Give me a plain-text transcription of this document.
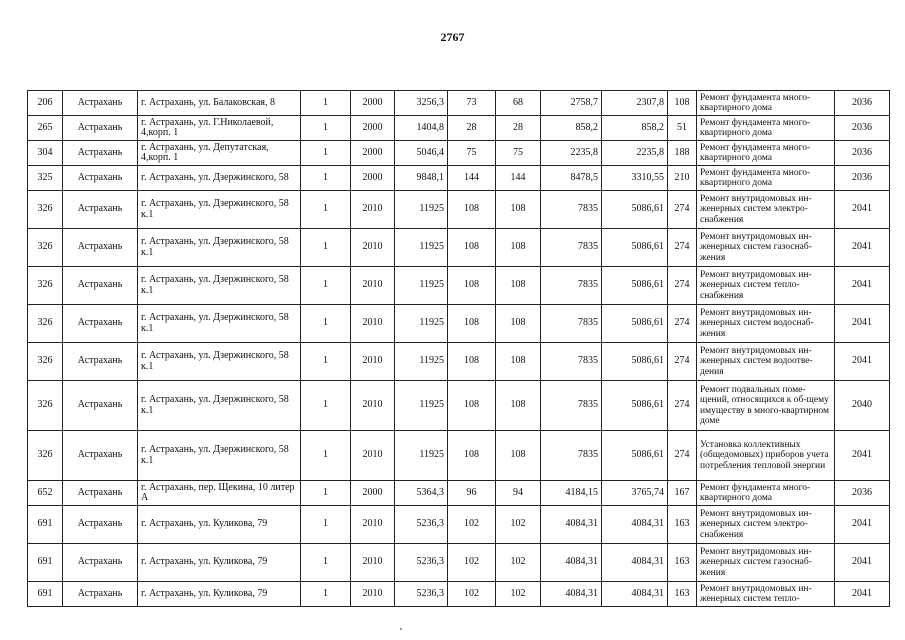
2767
206	Астрахань	г. Астрахань, ул. Балаковская, 8	1	2000	3256,3	73	68	2758,7	2307,8	108	Ремонт фундамента много-квартирного дома	2036
265	Астрахань	г. Астрахань, ул. Г.Николаевой, 4,корп. 1	1	2000	1404,8	28	28	858,2	858,2	51	Ремонт фундамента много-квартирного дома	2036
304	Астрахань	г. Астрахань, ул. Депутатская, 4,корп. 1	1	2000	5046,4	75	75	2235,8	2235,8	188	Ремонт фундамента много-квартирного дома	2036
325	Астрахань	г. Астрахань, ул. Дзержинского, 58	1	2000	9848,1	144	144	8478,5	3310,55	210	Ремонт фундамента много-квартирного дома	2036
326	Астрахань	г. Астрахань, ул. Дзержинского, 58 к.1	1	2010	11925	108	108	7835	5086,61	274	Ремонт внутридомовых ин-женерных систем электро-снабжения	2041
326	Астрахань	г. Астрахань, ул. Дзержинского, 58 к.1	1	2010	11925	108	108	7835	5086,61	274	Ремонт внутридомовых ин-женерных систем газоснаб-жения	2041
326	Астрахань	г. Астрахань, ул. Дзержинского, 58 к.1	1	2010	11925	108	108	7835	5086,61	274	Ремонт внутридомовых ин-женерных систем тепло-снабжения	2041
326	Астрахань	г. Астрахань, ул. Дзержинского, 58 к.1	1	2010	11925	108	108	7835	5086,61	274	Ремонт внутридомовых ин-женерных систем водоснаб-жения	2041
326	Астрахань	г. Астрахань, ул. Дзержинского, 58 к.1	1	2010	11925	108	108	7835	5086,61	274	Ремонт внутридомовых ин-женерных систем водоотве-дения	2041
326	Астрахань	г. Астрахань, ул. Дзержинского, 58 к.1	1	2010	11925	108	108	7835	5086,61	274	Ремонт подвальных поме-щений, относящихся к об-щему имуществу в много-квартирном доме	2040
326	Астрахань	г. Астрахань, ул. Дзержинского, 58 к.1	1	2010	11925	108	108	7835	5086,61	274	Установка коллективных (общедомовых) приборов учета потребления тепловой энергии	2041
652	Астрахань	г. Астрахань, пер. Щекина, 10 литер А	1	2000	5364,3	96	94	4184,15	3765,74	167	Ремонт фундамента много-квартирного дома	2036
691	Астрахань	г. Астрахань, ул. Куликова, 79	1	2010	5236,3	102	102	4084,31	4084,31	163	Ремонт внутридомовых ин-женерных систем электро-снабжения	2041
691	Астрахань	г. Астрахань, ул. Куликова, 79	1	2010	5236,3	102	102	4084,31	4084,31	163	Ремонт внутридомовых ин-женерных систем газоснаб-жения	2041
691	Астрахань	г. Астрахань, ул. Куликова, 79	1	2010	5236,3	102	102	4084,31	4084,31	163	Ремонт внутридомовых ин-женерных систем тепло-	2041
